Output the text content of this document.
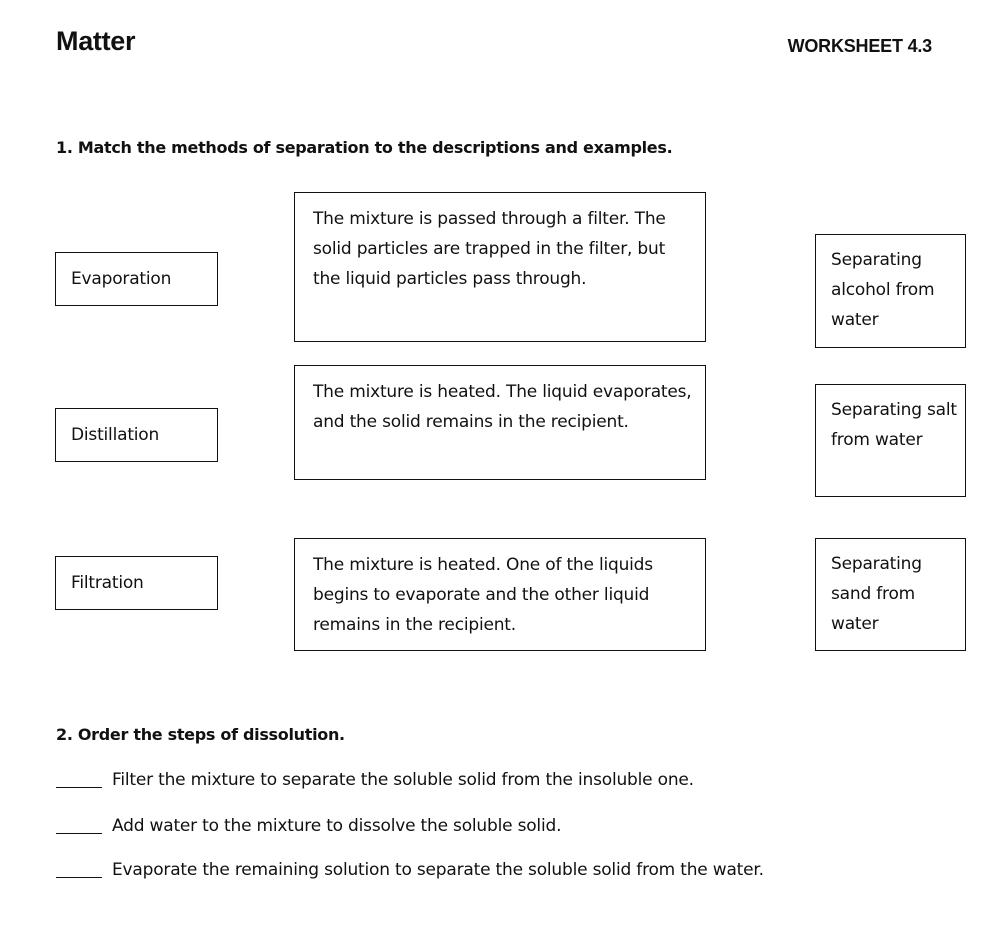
Matter	WORKSHEET 4.3
1. Match the methods of separation to the descriptions and examples.
Evaporation
Distillation
Filtration
The mixture is passed through a filter. The solid particles are trapped in the filter, but the liquid particles pass through.
The mixture is heated. The liquid evaporates, and the solid remains in the recipient.
The mixture is heated. One of the liquids begins to evaporate and the other liquid remains in the recipient.
Separating alcohol from water
Separating salt from water
Separating sand from water
2. Order the steps of dissolution.
Filter the mixture to separate the soluble solid from the insoluble one.
Add water to the mixture to dissolve the soluble solid.
Evaporate the remaining solution to separate the soluble solid from the water.
